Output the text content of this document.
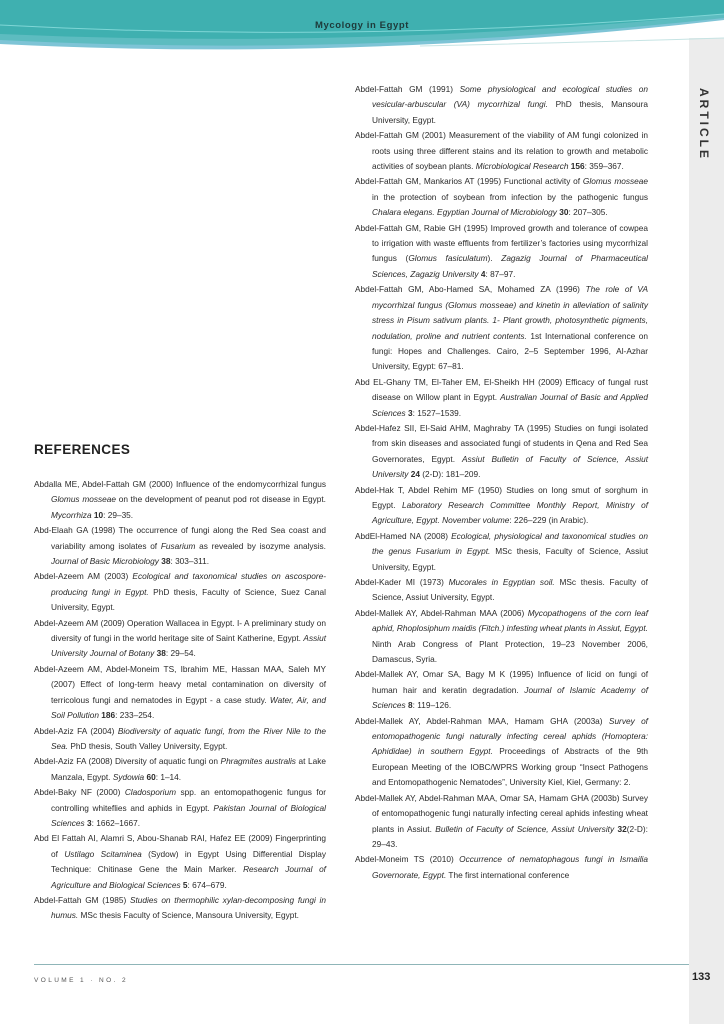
Mycology in Egypt
ARTICLE
REFERENCES

Abdalla ME, Abdel-Fattah GM (2000) Influence of the endomycorrhizal fungus Glomus mosseae on the development of peanut pod rot disease in Egypt. Mycorrhiza 10: 29–35.

Abd-Elaah GA (1998) The occurrence of fungi along the Red Sea coast and variability among isolates of Fusarium as revealed by isozyme analysis. Journal of Basic Microbiology 38: 303–311.

Abdel-Azeem AM (2003) Ecological and taxonomical studies on ascospore-producing fungi in Egypt. PhD thesis, Faculty of Science, Suez Canal University, Egypt.

Abdel-Azeem AM (2009) Operation Wallacea in Egypt. I- A preliminary study on diversity of fungi in the world heritage site of Saint Katherine, Egypt. Assiut University Journal of Botany 38: 29–54.

Abdel-Azeem AM, Abdel-Moneim TS, Ibrahim ME, Hassan MAA, Saleh MY (2007) Effect of long-term heavy metal contamination on diversity of terricolous fungi and nematodes in Egypt - a case study. Water, Air, and Soil Pollution 186: 233–254.

Abdel-Aziz FA (2004) Biodiversity of aquatic fungi, from the River Nile to the Sea. PhD thesis, South Valley University, Egypt.

Abdel-Aziz FA (2008) Diversity of aquatic fungi on Phragmites australis at Lake Manzala, Egypt. Sydowia 60: 1–14.

Abdel-Baky NF (2000) Cladosporium spp. an entomopathogenic fungus for controlling whiteflies and aphids in Egypt. Pakistan Journal of Biological Sciences 3: 1662–1667.

Abd El Fattah AI, Alamri S, Abou-Shanab RAI, Hafez EE (2009) Fingerprinting of Ustilago Scitaminea (Sydow) in Egypt Using Differential Display Technique: Chitinase Gene the Main Marker. Research Journal of Agriculture and Biological Sciences 5: 674–679.

Abdel-Fattah GM (1985) Studies on thermophilic xylan-decomposing fungi in humus. MSc thesis Faculty of Science, Mansoura University, Egypt.

Abdel-Fattah GM (1991) Some physiological and ecological studies on vesicular-arbuscular (VA) mycorrhizal fungi. PhD thesis, Mansoura University, Egypt.

Abdel-Fattah GM (2001) Measurement of the viability of AM fungi colonized in roots using three different stains and its relation to growth and metabolic activities of soybean plants. Microbiological Research 156: 359–367.

Abdel-Fattah GM, Mankarios AT (1995) Functional activity of Glomus mosseae in the protection of soybean from infection by the pathogenic fungus Chalara elegans. Egyptian Journal of Microbiology 30: 207–305.

Abdel-Fattah GM, Rabie GH (1995) Improved growth and tolerance of cowpea to irrigation with waste effluents from fertilizer’s factories using mycorrhizal fungus (Glomus fasiculatum). Zagazig Journal of Pharmaceutical Sciences, Zagazig University 4: 87–97.

Abdel-Fattah GM, Abo-Hamed SA, Mohamed ZA (1996) The role of VA mycorrhizal fungus (Glomus mosseae) and kinetin in alleviation of salinity stress in Pisum sativum plants. 1- Plant growth, photosynthetic pigments, nodulation, proline and nutrient contents. 1st International conference on fungi: Hopes and Challenges. Cairo, 2–5 September 1996, Al-Azhar University, Egypt: 67–81.

Abd EL-Ghany TM, El-Taher EM, El-Sheikh HH (2009) Efficacy of fungal rust disease on Willow plant in Egypt. Australian Journal of Basic and Applied Sciences 3: 1527–1539.

Abdel-Hafez SII, El-Said AHM, Maghraby TA (1995) Studies on fungi isolated from skin diseases and associated fungi of students in Qena and Red Sea Governorates, Egypt. Assiut Bulletin of Faculty of Science, Assiut University 24 (2-D): 181–209.

Abdel-Hak T, Abdel Rehim MF (1950) Studies on long smut of sorghum in Egypt. Laboratory Research Committee Monthly Report, Ministry of Agriculture, Egypt. November volume: 226–229 (in Arabic).

AbdEl-Hamed NA (2008) Ecological, physiological and taxonomical studies on the genus Fusarium in Egypt. MSc thesis, Faculty of Science, Assiut University, Egypt.

Abdel-Kader MI (1973) Mucorales in Egyptian soil. MSc thesis. Faculty of Science, Assiut University, Egypt.

Abdel-Mallek AY, Abdel-Rahman MAA (2006) Mycopathogens of the corn leaf aphid, Rhoplosiphum maidis (Fitch.) infesting wheat plants in Assiut, Egypt. Ninth Arab Congress of Plant Protection, 19–23 November 2006, Damascus, Syria.

Abdel-Mallek AY, Omar SA, Bagy M K (1995) Influence of licid on fungi of human hair and keratin degradation. Journal of Islamic Academy of Sciences 8: 119–126.

Abdel-Mallek AY, Abdel-Rahman MAA, Hamam GHA (2003a) Survey of entomopathogenic fungi naturally infecting cereal aphids (Homoptera: Aphididae) in southern Egypt. Proceedings of Abstracts of the 9th European Meeting of the IOBC/WPRS Working group “Insect Pathogens and Entomopathogenic Nematodes”, University Kiel, Kiel, Germany: 2.

Abdel-Mallek AY, Abdel-Rahman MAA, Omar SA, Hamam GHA (2003b) Survey of entomopathogenic fungi naturally infecting cereal aphids infesting wheat plants in Assiut. Bulletin of Faculty of Science, Assiut University 32(2-D): 29–43.

Abdel-Moneim TS (2010) Occurrence of nematophagous fungi in Ismailia Governorate, Egypt. The first international conference

VOLUME 1 · NO. 2	133
